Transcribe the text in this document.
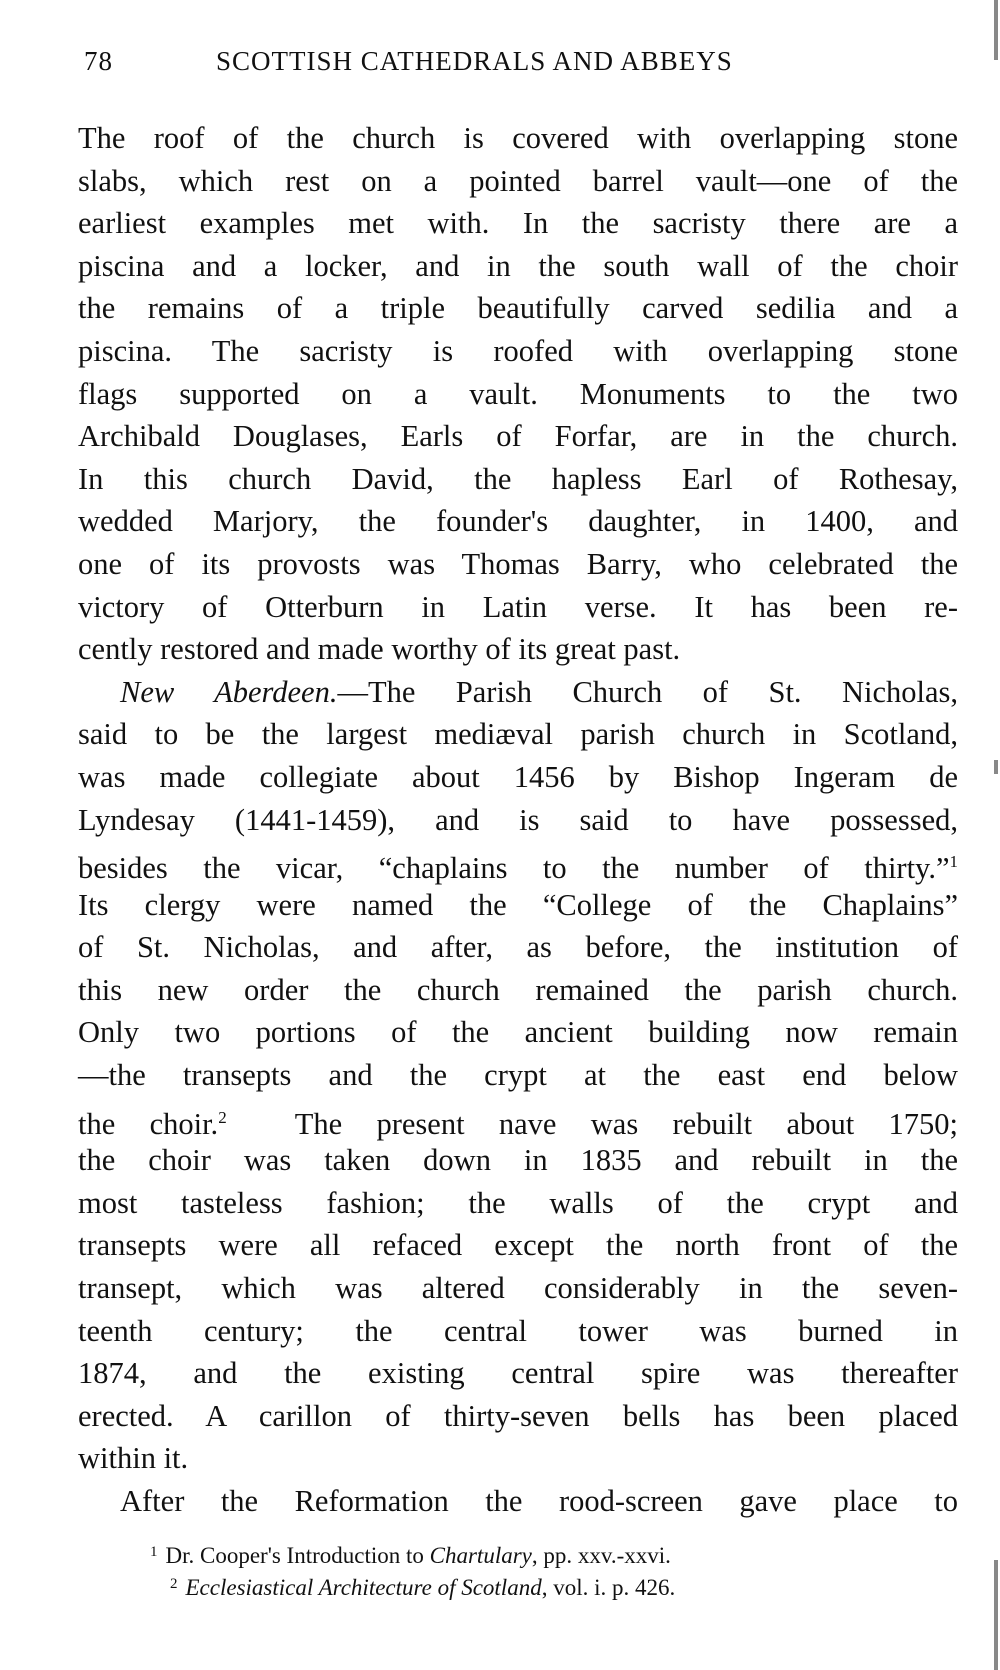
78	SCOTTISH CATHEDRALS AND ABBEYS
The roof of the church is covered with overlapping stone
slabs, which rest on a pointed barrel vault—one of the
earliest examples met with. In the sacristy there are a
piscina and a locker, and in the south wall of the choir
the remains of a triple beautifully carved sedilia and a
piscina. The sacristy is roofed with overlapping stone
flags supported on a vault. Monuments to the two
Archibald Douglases, Earls of Forfar, are in the church.
In this church David, the hapless Earl of Rothesay,
wedded Marjory, the founder's daughter, in 1400, and
one of its provosts was Thomas Barry, who celebrated the
victory of Otterburn in Latin verse. It has been re-
cently restored and made worthy of its great past.
New Aberdeen.—The Parish Church of St. Nicholas,
said to be the largest mediæval parish church in Scotland,
was made collegiate about 1456 by Bishop Ingeram de
Lyndesay (1441-1459), and is said to have possessed,
besides the vicar, “chaplains to the number of thirty.”$^1$
Its clergy were named the “College of the Chaplains”
of St. Nicholas, and after, as before, the institution of
this new order the church remained the parish church.
Only two portions of the ancient building now remain
—the transepts and the crypt at the east end below
the choir.$^2$  The present nave was rebuilt about 1750;
the choir was taken down in 1835 and rebuilt in the
most tasteless fashion; the walls of the crypt and
transepts were all refaced except the north front of the
transept, which was altered considerably in the seven-
teenth century; the central tower was burned in
1874, and the existing central spire was thereafter
erected. A carillon of thirty-seven bells has been placed
within it.
After the Reformation the rood-screen gave place to
$^1$ Dr. Cooper's Introduction to Chartulary, pp. xxv.-xxvi.
$^2$ Ecclesiastical Architecture of Scotland, vol. i. p. 426.
